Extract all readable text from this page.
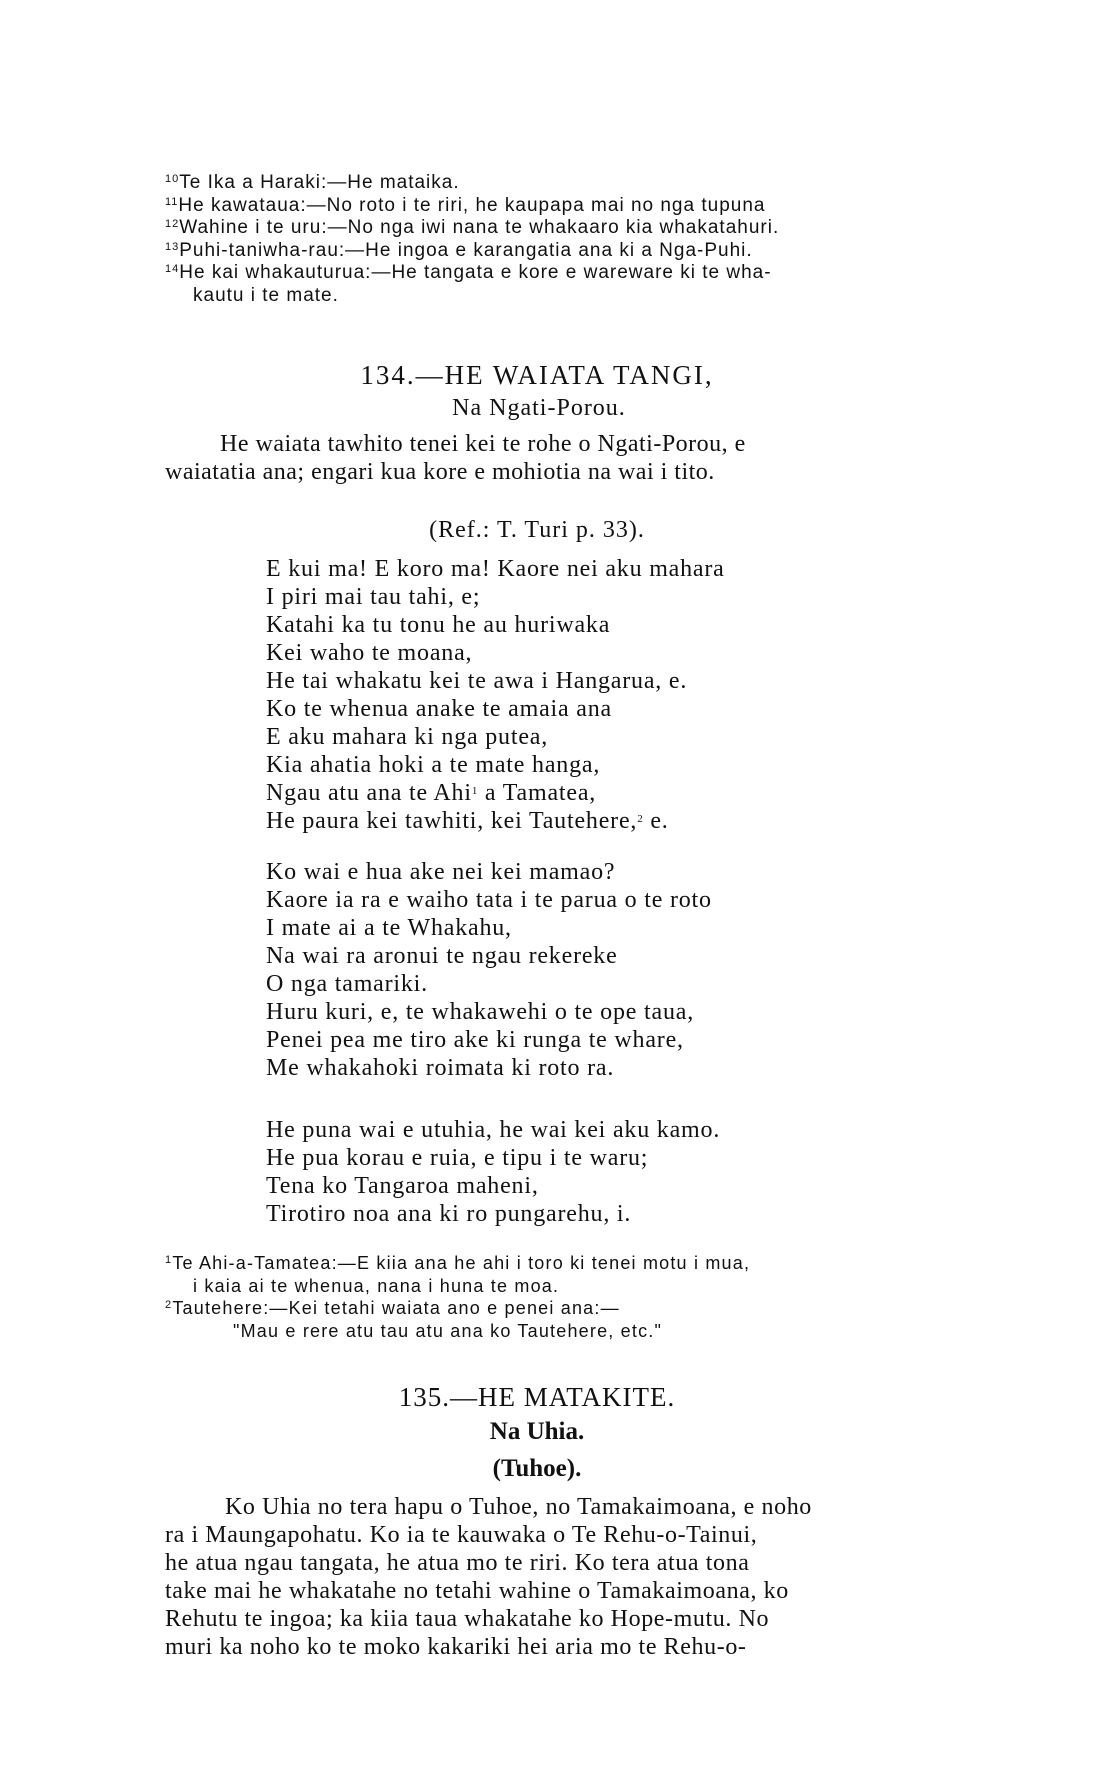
$^{10}$Te Ika a Haraki:—He mataika.
$^{11}$He kawataua:—No roto i te riri, he kaupapa mai no nga tupuna
$^{12}$Wahine i te uru:—No nga iwi nana te whakaaro kia whakatahuri.
$^{13}$Puhi-taniwha-rau:—He ingoa e karangatia ana ki a Nga-Puhi.
$^{14}$He kai whakauturua:—He tangata e kore e wareware ki te wha-
kautu i te mate.
134.—HE WAIATA TANGI,
Na Ngati-Porou.
He waiata tawhito tenei kei te rohe o Ngati-Porou, e
waiatatia ana; engari kua kore e mohiotia na wai i tito.
(Ref.: T. Turi p. 33).
E kui ma! E koro ma! Kaore nei aku mahara
I piri mai tau tahi, e;
Katahi ka tu tonu he au huriwaka
Kei waho te moana,
He tai whakatu kei te awa i Hangarua, e.
Ko te whenua anake te amaia ana
E aku mahara ki nga putea,
Kia ahatia hoki a te mate hanga,
Ngau atu ana te Ahi$^1$ a Tamatea,
He paura kei tawhiti, kei Tautehere,$^2$ e.
Ko wai e hua ake nei kei mamao?
Kaore ia ra e waiho tata i te parua o te roto
I mate ai a te Whakahu,
Na wai ra aronui te ngau rekereke
O nga tamariki.
Huru kuri, e, te whakawehi o te ope taua,
Penei pea me tiro ake ki runga te whare,
Me whakahoki roimata ki roto ra.
He puna wai e utuhia, he wai kei aku kamo.
He pua korau e ruia, e tipu i te waru;
Tena ko Tangaroa maheni,
Tirotiro noa ana ki ro pungarehu, i.
$^1$Te Ahi-a-Tamatea:—E kiia ana he ahi i toro ki tenei motu i mua,
i kaia ai te whenua, nana i huna te moa.
$^2$Tautehere:—Kei tetahi waiata ano e penei ana:—
"Mau e rere atu tau atu ana ko Tautehere, etc."
135.—HE MATAKITE.
Na Uhia.
(Tuhoe).
Ko Uhia no tera hapu o Tuhoe, no Tamakaimoana, e noho
ra i Maungapohatu. Ko ia te kauwaka o Te Rehu-o-Tainui,
he atua ngau tangata, he atua mo te riri. Ko tera atua tona
take mai he whakatahe no tetahi wahine o Tamakaimoana, ko
Rehutu te ingoa; ka kiia taua whakatahe ko Hope-mutu. No
muri ka noho ko te moko kakariki hei aria mo te Rehu-o-
